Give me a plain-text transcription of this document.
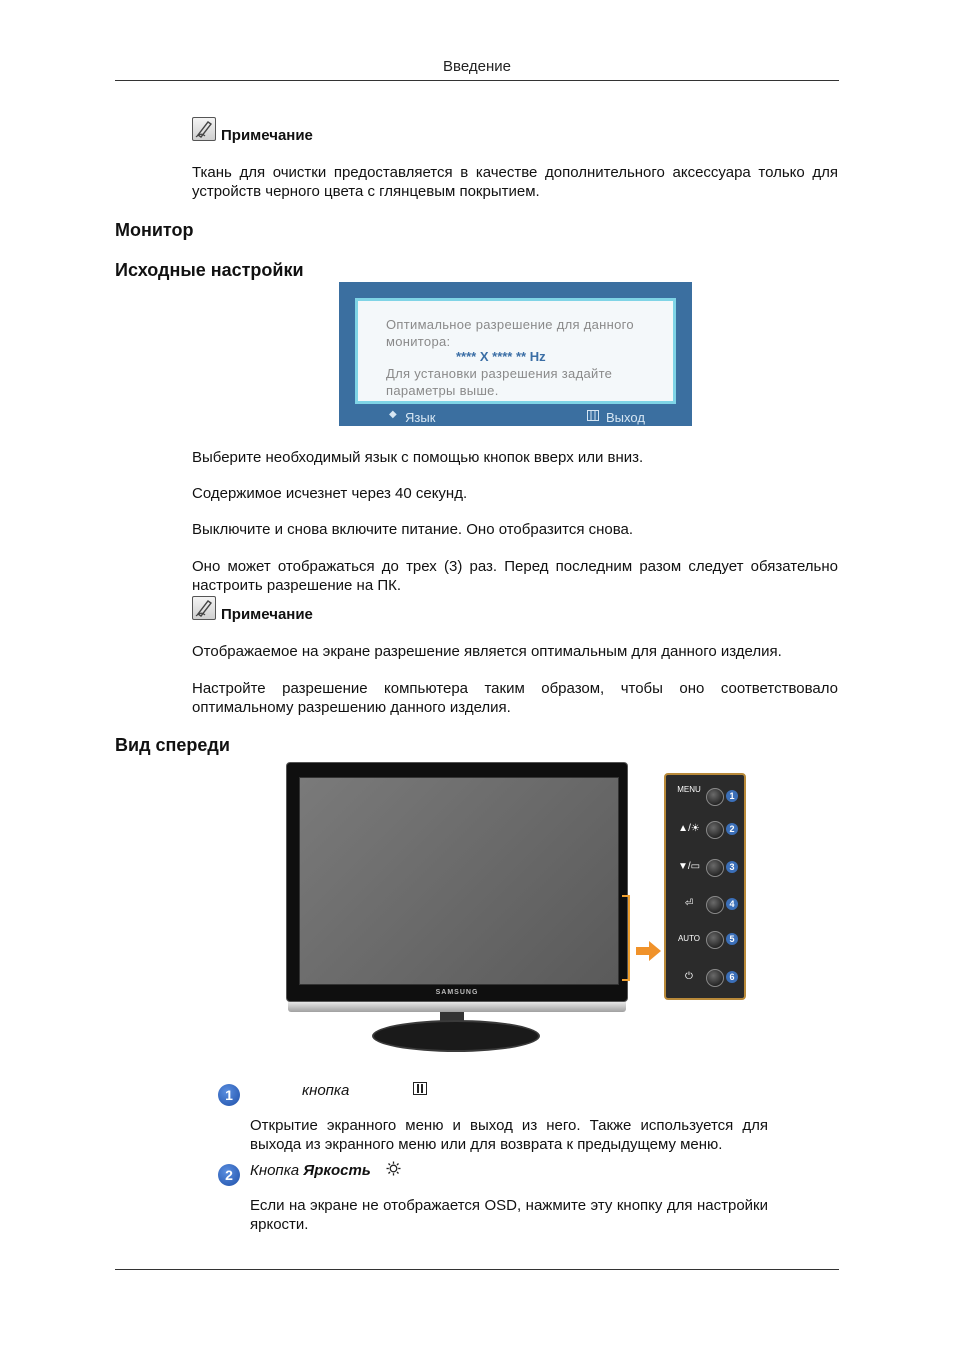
Введение
Примечание
Ткань для очистки предоставляется в качестве дополнительного аксессуара только для устройств черного цвета с глянцевым покрытием.
Монитор
Исходные настройки
Оптимальное разрешение для данного
монитора:
**** X **** ** Hz
Для установки разрешения задайте
параметры выше.
◆ Язык	Выход
Выберите необходимый язык с помощью кнопок вверх или вниз.
Содержимое исчезнет через 40 секунд.
Выключите и снова включите питание. Оно отобразится снова.
Оно может отображаться до трех (3) раз. Перед последним разом следует обязательно настроить разрешение на ПК.
Примечание
Отображаемое на экране разрешение является оптимальным для данного изделия.
Настройте разрешение компьютера таким образом, чтобы оно соответствовало оптимальному разрешению данного изделия.
Вид спереди
SAMSUNG
MENU
1
▲/☀	2
▼/▭	3
⏎	4
AUTO	5
⏻	6
1	кнопка
Открытие экранного меню и выход из него. Также используется для выхода из экранного меню или для возврата к предыдущему меню.
2	Кнопка Яркость
Если на экране не отображается OSD, нажмите эту кнопку для настройки яркости.
